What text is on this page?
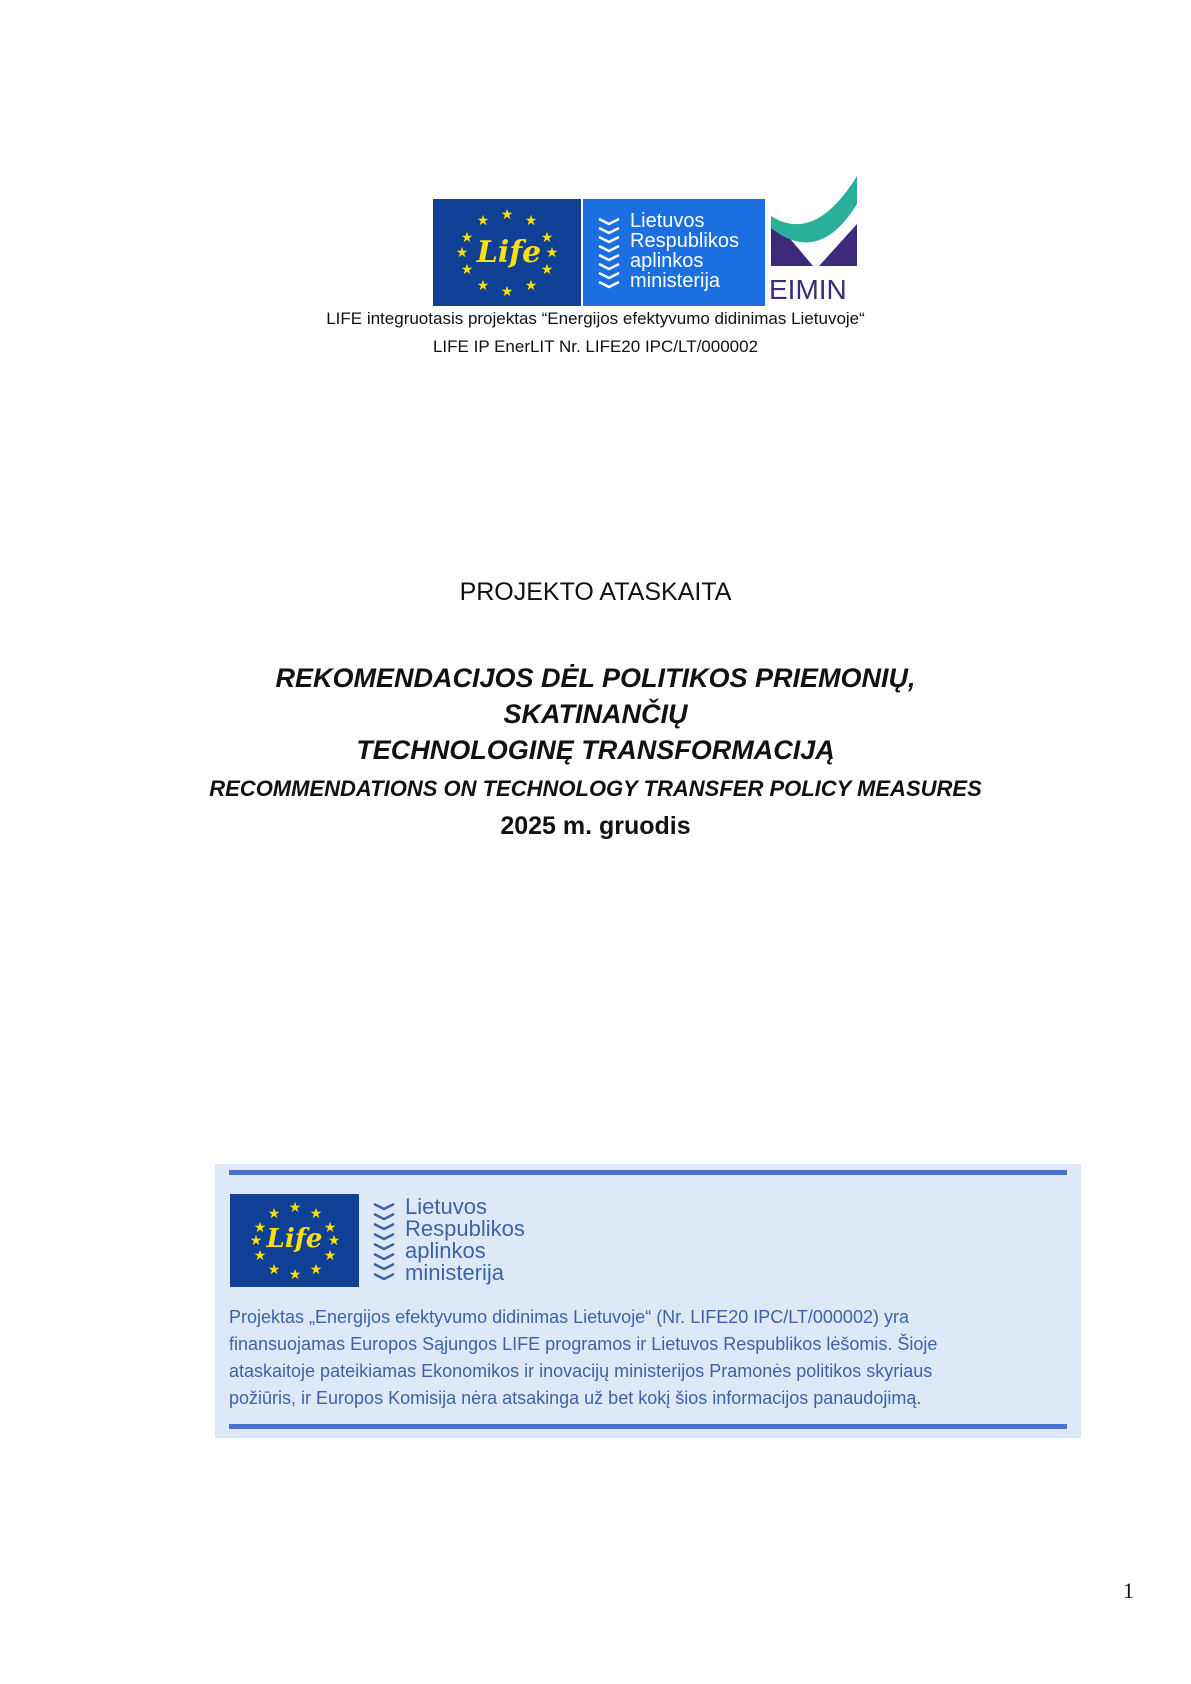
★ ★
★
★
★
★
★
★
★
★
★
★
Life
Lietuvos
Respublikos
aplinkos
ministerija	EIMIN
LIFE integruotasis projektas “Energijos efektyvumo didinimas Lietuvoje“
LIFE IP EnerLIT Nr. LIFE20 IPC/LT/000002
PROJEKTO ATASKAITA
REKOMENDACIJOS DĖL POLITIKOS PRIEMONIŲ, SKATINANČIŲ
TECHNOLOGINĘ TRANSFORMACIJĄ
RECOMMENDATIONS ON TECHNOLOGY TRANSFER POLICY MEASURES
2025 m. gruodis
★ ★
★
★
★
★
★
★
★
★
★
★
Life
Lietuvos
Respublikos
aplinkos
ministerija
Projektas „Energijos efektyvumo didinimas Lietuvoje“ (Nr. LIFE20 IPC/LT/000002) yra
finansuojamas Europos Sąjungos LIFE programos ir Lietuvos Respublikos lėšomis. Šioje
ataskaitoje pateikiamas Ekonomikos ir inovacijų ministerijos Pramonės politikos skyriaus
požiūris, ir Europos Komisija nėra atsakinga už bet kokį šios informacijos panaudojimą.
1
